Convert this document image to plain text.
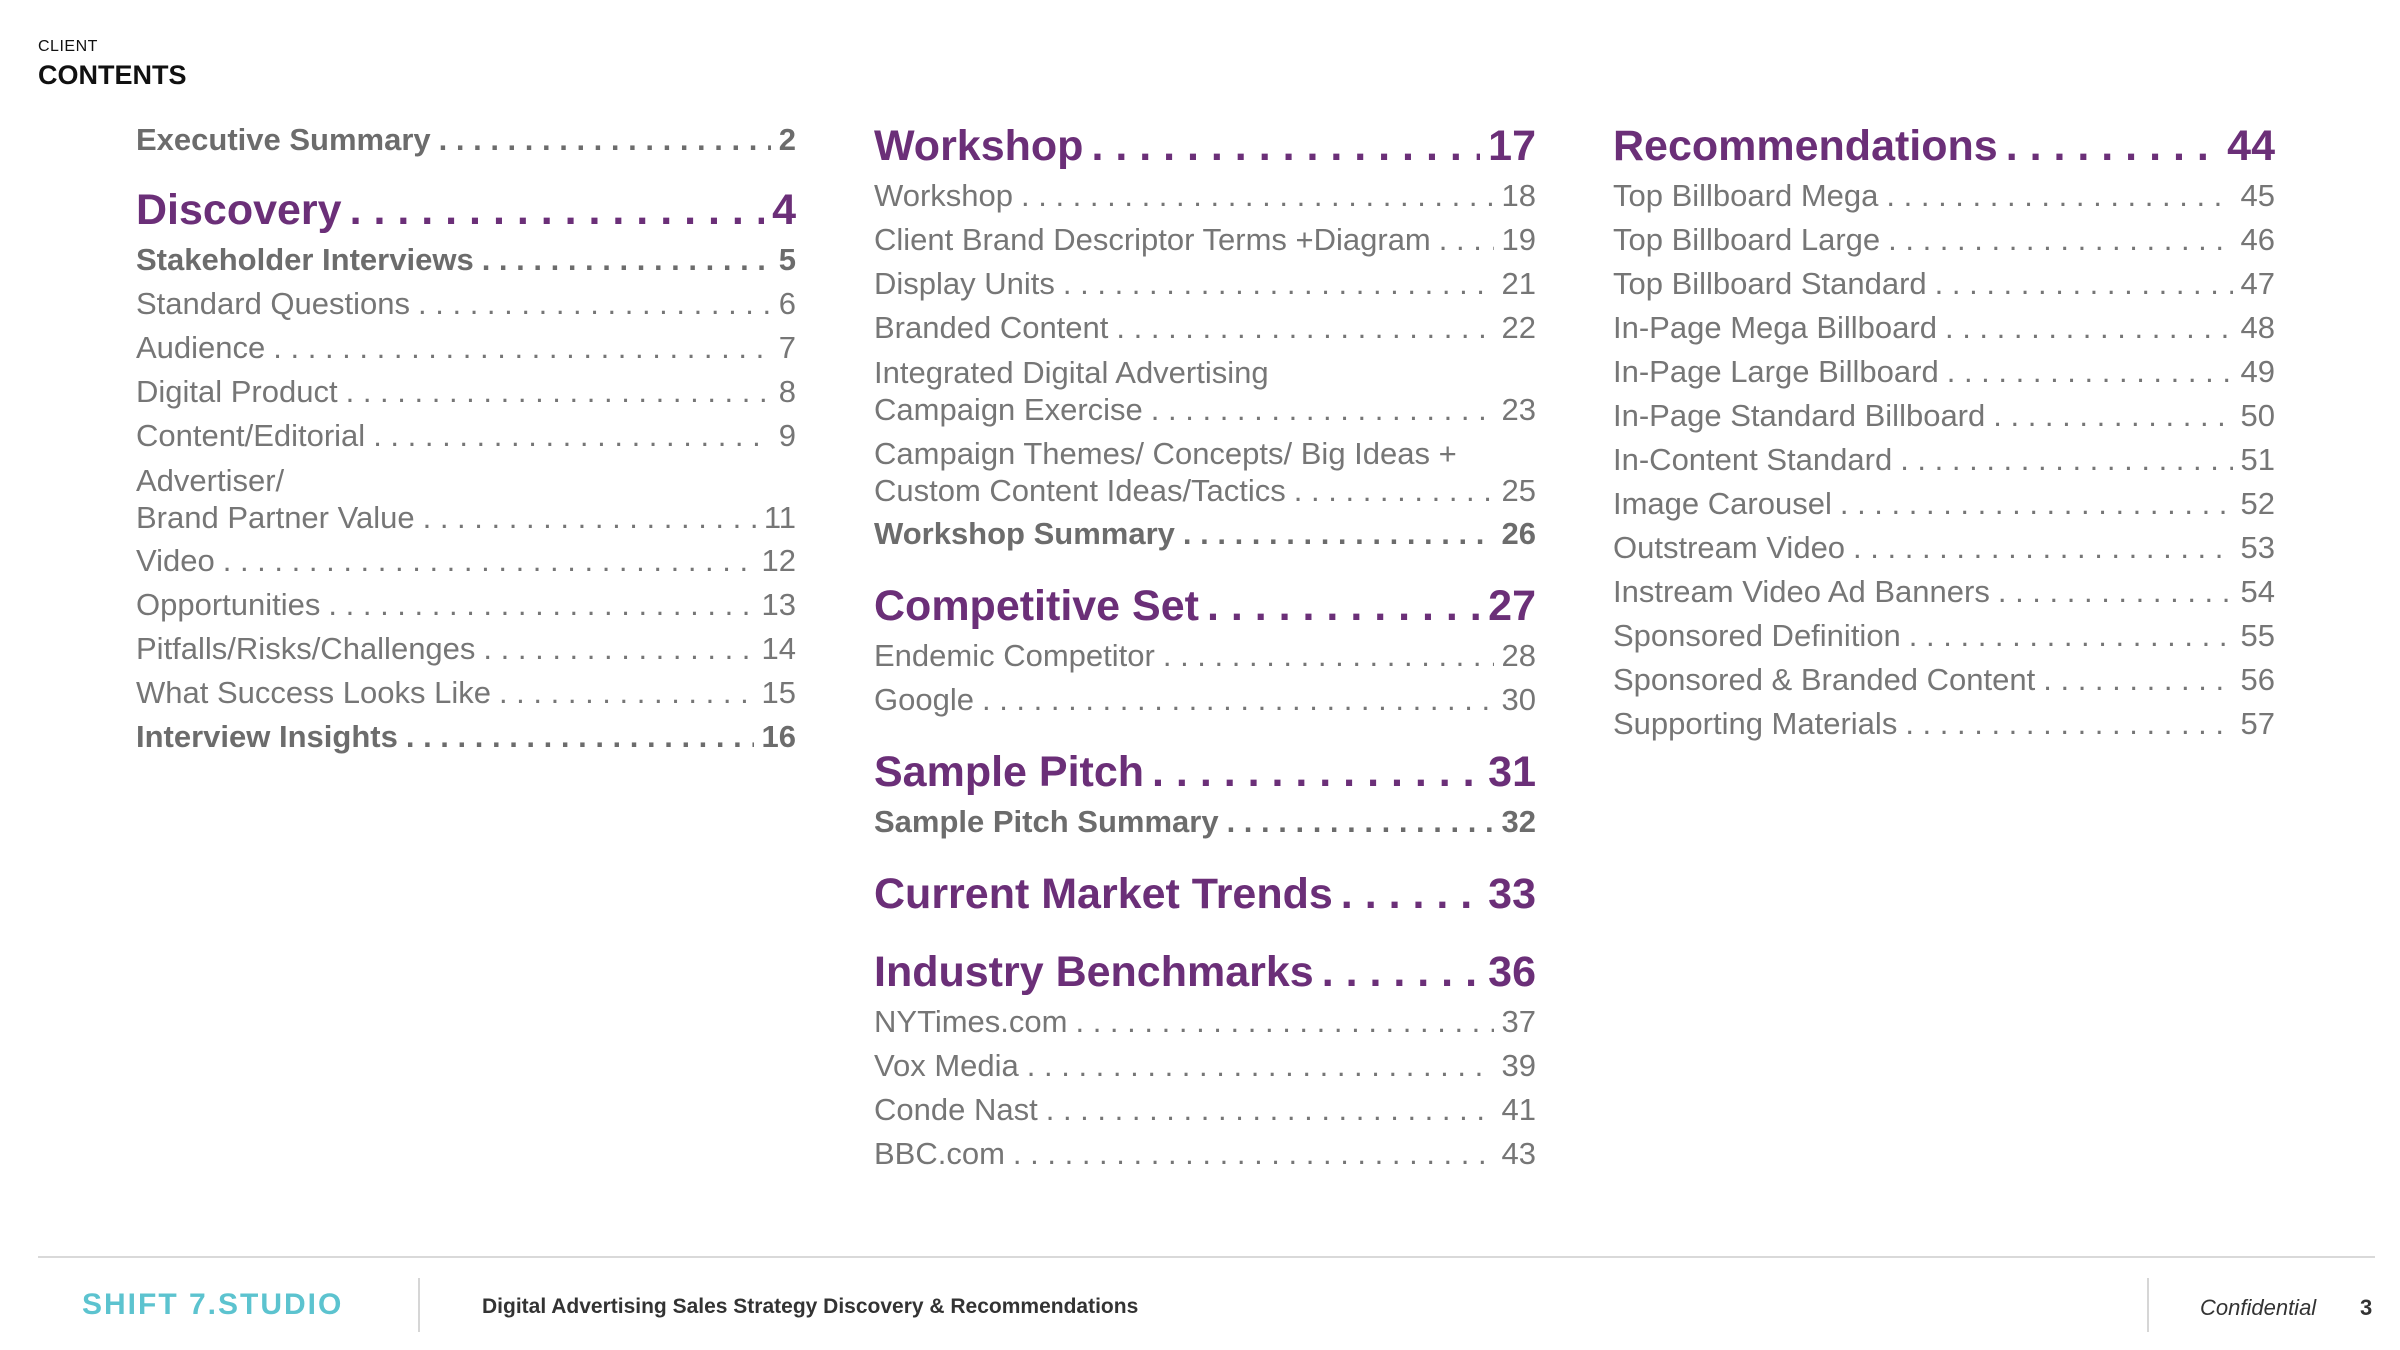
CLIENT
CONTENTS
Executive Summary . . .	2
Discovery . . .	4
Stakeholder Interviews . . .	5
Standard Questions . . .	6
Audience . . .	7
Digital Product . . .	8
Content/Editorial . . .	9
Advertiser/
Brand Partner Value . . .	11
Video . . .	12
Opportunities . . .	13
Pitfalls/Risks/Challenges . . .	14
What Success Looks Like . . .	15
Interview Insights . . .	16
Workshop . . .	17
Workshop . . .	18
Client Brand Descriptor Terms +Diagram . . . 19
Display Units . . .	21
Branded Content . . .	22
Integrated Digital Advertising
Campaign Exercise . . .	23
Campaign Themes/ Concepts/ Big Ideas +
Custom Content Ideas/Tactics . . .	25
Workshop Summary . . .	26
Competitive Set . . .	27
Endemic Competitor . . .	28
Google . . .	30
Sample Pitch . . .	31
Sample Pitch Summary . . .	32
Current Market Trends . . .	33
Industry Benchmarks . . .	36
NYTimes.com . . .	37
Vox Media . . .	39
Conde Nast . . .	41
BBC.com . . .	43
Recommendations . . .	44
Top Billboard Mega . . .	45
Top Billboard Large . . .	46
Top Billboard Standard . . .	47
In-Page Mega Billboard . . .	48
In-Page Large Billboard . . .	49
In-Page Standard Billboard . . .	50
In-Content Standard . . .	51
Image Carousel . . .	52
Outstream Video . . .	53
Instream Video Ad Banners . . .	54
Sponsored Definition . . .	55
Sponsored & Branded Content . . .	56
Supporting Materials . . .	57
SHIFT 7.STUDIO	Digital Advertising Sales Strategy Discovery & Recommendations	Confidential 3
